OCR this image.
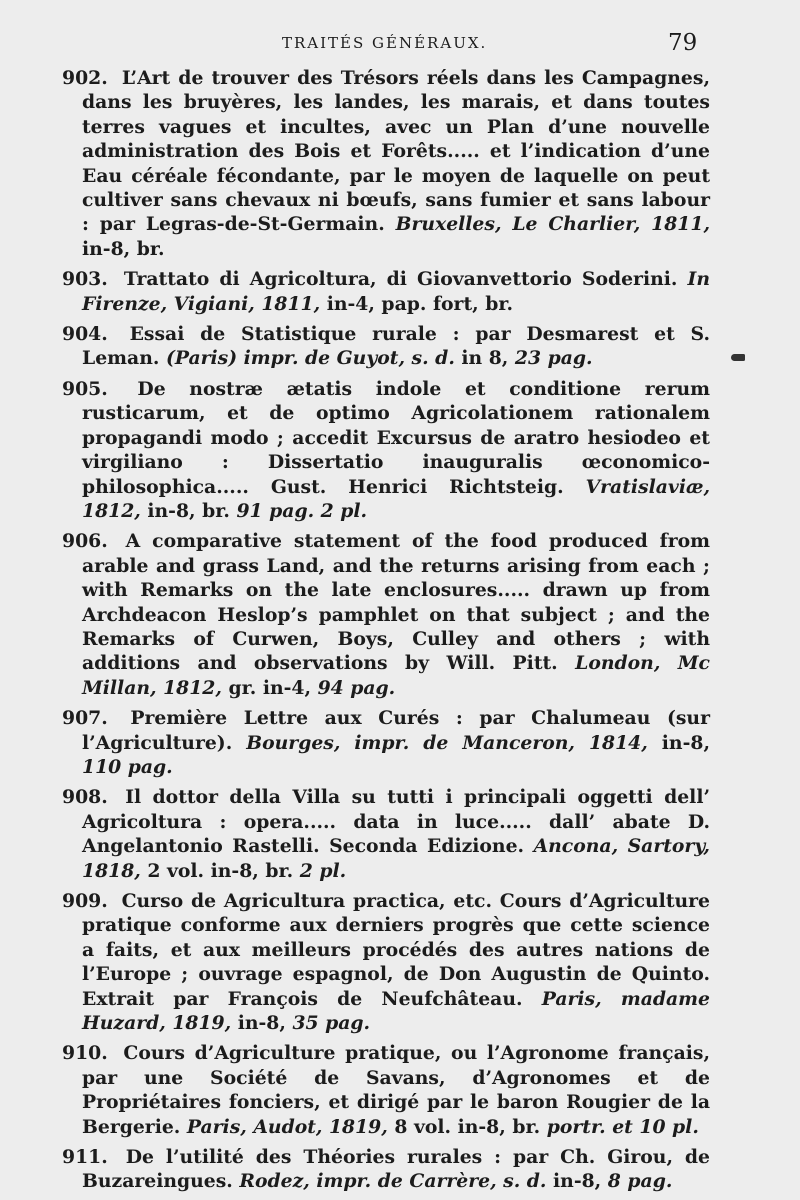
TRAITÉS GÉNÉRAUX.	79

902. L’Art de trouver des Trésors réels dans les Campagnes, dans les bruyères, les landes, les marais, et dans toutes terres vagues et incultes, avec un Plan d’une nouvelle administration des Bois et Forêts..... et l’indication d’une Eau céréale fécondante, par le moyen de laquelle on peut cultiver sans chevaux ni bœufs, sans fumier et sans labour : par Legras-de-St-Germain. Bruxelles, Le Charlier, 1811, in-8, br.

903. Trattato di Agricoltura, di Giovanvettorio Soderini. In Firenze, Vigiani, 1811, in-4, pap. fort, br.

904. Essai de Statistique rurale : par Desmarest et S. Leman. (Paris) impr. de Guyot, s. d. in 8, 23 pag.

905. De nostræ ætatis indole et conditione rerum rusticarum, et de optimo Agricolationem rationalem propagandi modo ; accedit Excursus de aratro hesiodeo et virgiliano : Dissertatio inauguralis œconomico-philosophica..... Gust. Henrici Richtsteig. Vratislaviæ, 1812, in-8, br. 91 pag. 2 pl.

906. A comparative statement of the food produced from arable and grass Land, and the returns arising from each ; with Remarks on the late enclosures..... drawn up from Archdeacon Heslop’s pamphlet on that subject ; and the Remarks of Curwen, Boys, Culley and others ; with additions and observations by Will. Pitt. London, Mc Millan, 1812, gr. in-4, 94 pag.

907. Première Lettre aux Curés : par Chalumeau (sur l’Agriculture). Bourges, impr. de Manceron, 1814, in-8, 110 pag.

908. Il dottor della Villa su tutti i principali oggetti dell’ Agricoltura : opera..... data in luce..... dall’ abate D. Angelantonio Rastelli. Seconda Edizione. Ancona, Sartory, 1818, 2 vol. in-8, br. 2 pl.

909. Curso de Agricultura practica, etc. Cours d’Agriculture pratique conforme aux derniers progrès que cette science a faits, et aux meilleurs procédés des autres nations de l’Europe ; ouvrage espagnol, de Don Augustin de Quinto. Extrait par François de Neufchâteau. Paris, madame Huzard, 1819, in-8, 35 pag.

910. Cours d’Agriculture pratique, ou l’Agronome français, par une Société de Savans, d’Agronomes et de Propriétaires fonciers, et dirigé par le baron Rougier de la Bergerie. Paris, Audot, 1819, 8 vol. in-8, br. portr. et 10 pl.

911. De l’utilité des Théories rurales : par Ch. Girou, de Buzareingues. Rodez, impr. de Carrère, s. d. in-8, 8 pag.
